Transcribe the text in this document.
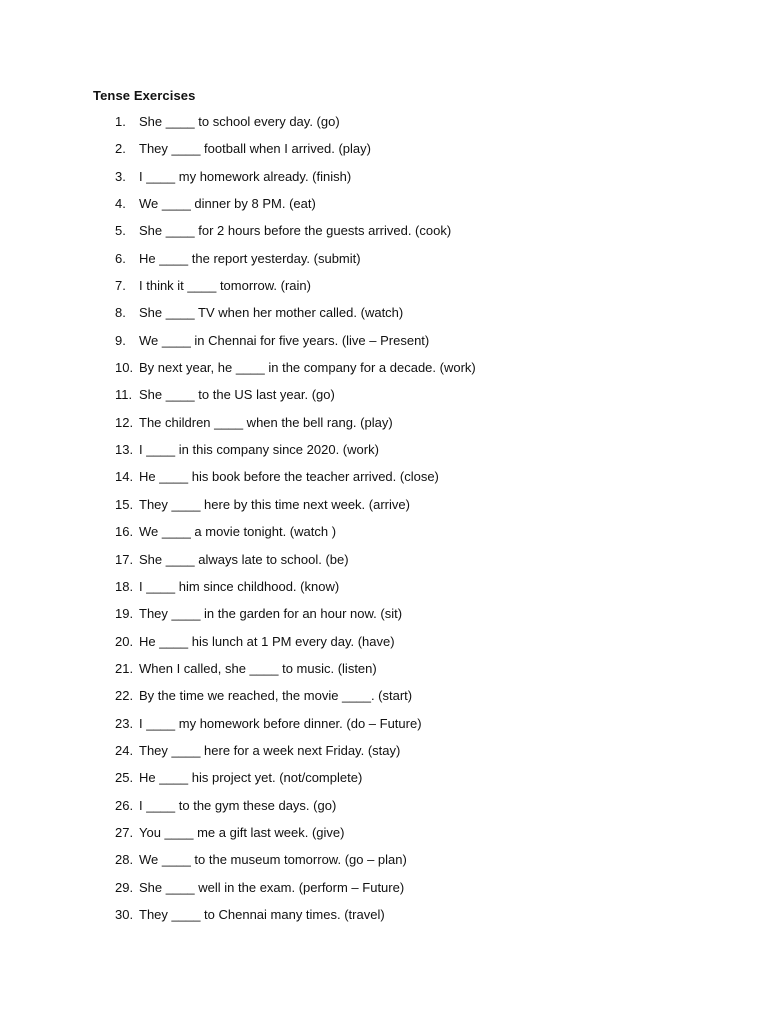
Tense Exercises
1. She ____ to school every day. (go)
2. They ____ football when I arrived. (play)
3. I ____ my homework already. (finish)
4. We ____ dinner by 8 PM. (eat)
5. She ____ for 2 hours before the guests arrived. (cook)
6. He ____ the report yesterday. (submit)
7. I think it ____ tomorrow. (rain)
8. She ____ TV when her mother called. (watch)
9. We ____ in Chennai for five years. (live – Present)
10. By next year, he ____ in the company for a decade. (work)
11. She ____ to the US last year. (go)
12. The children ____ when the bell rang. (play)
13. I ____ in this company since 2020. (work)
14. He ____ his book before the teacher arrived. (close)
15. They ____ here by this time next week. (arrive)
16. We ____ a movie tonight. (watch )
17. She ____ always late to school. (be)
18. I ____ him since childhood. (know)
19. They ____ in the garden for an hour now. (sit)
20. He ____ his lunch at 1 PM every day. (have)
21. When I called, she ____ to music. (listen)
22. By the time we reached, the movie ____. (start)
23. I ____ my homework before dinner. (do – Future)
24. They ____ here for a week next Friday. (stay)
25. He ____ his project yet. (not/complete)
26. I ____ to the gym these days. (go)
27. You ____ me a gift last week. (give)
28. We ____ to the museum tomorrow. (go – plan)
29. She ____ well in the exam. (perform – Future)
30. They ____ to Chennai many times. (travel)
